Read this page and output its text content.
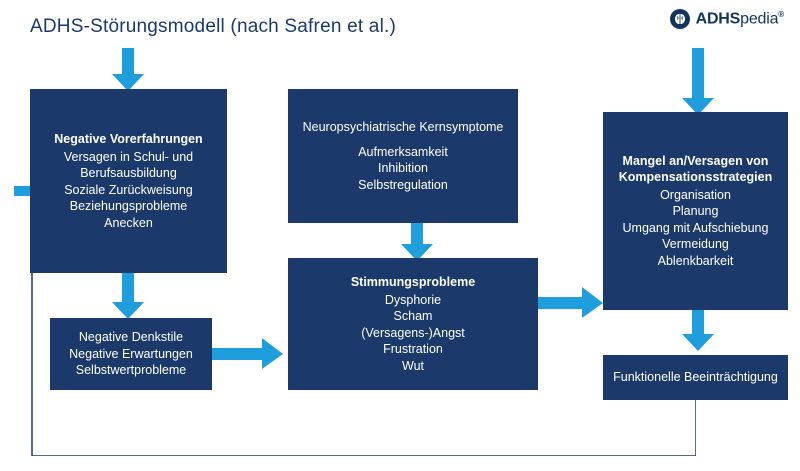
ADHS-Störungsmodell (nach Safren et al.)	ADHSpedia®
Negative Vorerfahrungen
Versagen in Schul- und
Berufsausbildung
Soziale Zurückweisung
Beziehungsprobleme
Anecken
Neuropsychiatrische Kernsymptome
Aufmerksamkeit
Inhibition
Selbstregulation
Mangel an/Versagen von
Kompensationsstrategien
Organisation
Planung
Umgang mit Aufschiebung
Vermeidung
Ablenkbarkeit
Negative Denkstile
Negative Erwartungen
Selbstwertprobleme
Stimmungsprobleme
Dysphorie
Scham
(Versagens-)Angst
Frustration
Wut
Funktionelle Beeinträchtigung
